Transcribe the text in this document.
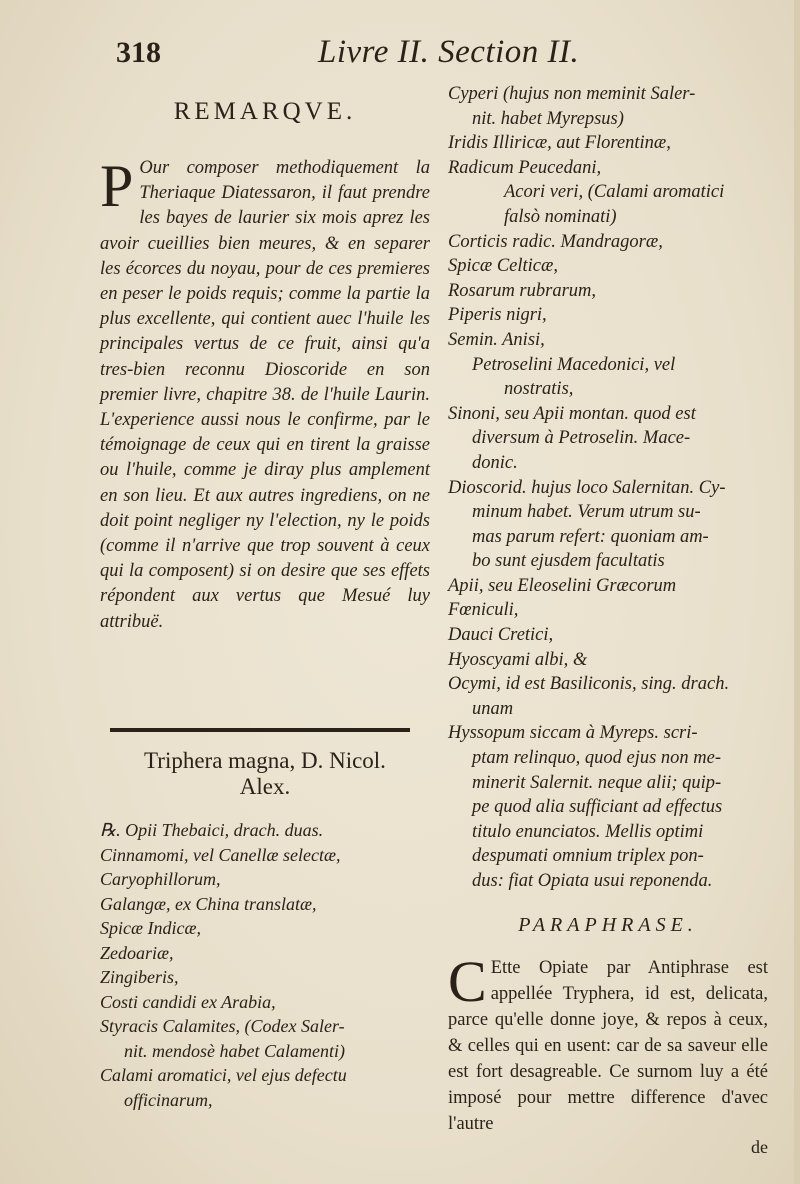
318	Livre II. Section II.
REMARQVE.

P Our composer methodiquement la Theriaque Diatessaron, il faut prendre les bayes de laurier six mois aprez les avoir cueillies bien meures, & en separer les écorces du noyau, pour de ces premieres en peser le poids requis; comme la partie la plus excellente, qui contient auec l'huile les principales vertus de ce fruit, ainsi qu'a tres-bien reconnu Dioscoride en son premier livre, chapitre 38. de l'huile Laurin. L'experience aussi nous le confirme, par le témoignage de ceux qui en tirent la graisse ou l'huile, comme je diray plus amplement en son lieu. Et aux autres ingrediens, on ne doit point negliger ny l'election, ny le poids (comme il n'arrive que trop souvent à ceux qui la composent) si on desire que ses effets répondent aux vertus que Mesué luy attribuë.

Triphera magna, D. Nicol.

Alex.

℞. Opii Thebaici, drach. duas.

Cinnamomi, vel Canellæ selectæ,

Caryophillorum,

Galangæ, ex China translatæ,

Spicæ Indicæ,

Zedoariæ,

Zingiberis,

Costi candidi ex Arabia,

Styracis Calamites, (Codex Saler-

nit. mendosè habet Calamenti)

Calami aromatici, vel ejus defectu

officinarum,

Cyperi (hujus non meminit Saler-

nit. habet Myrepsus)

Iridis Illiricæ, aut Florentinæ,

Radicum Peucedani,

Acori veri, (Calami aromatici

falsò nominati)

Corticis radic. Mandragoræ,

Spicæ Celticæ,

Rosarum rubrarum,

Piperis nigri,

Semin. Anisi,

Petroselini Macedonici, vel

nostratis,

Sinoni, seu Apii montan. quod est

diversum à Petroselin. Mace-

donic.

Dioscorid. hujus loco Salernitan. Cy-

minum habet. Verum utrum su-

mas parum refert: quoniam am-

bo sunt ejusdem facultatis

Apii, seu Eleoselini Græcorum

Fœniculi,

Dauci Cretici,

Hyoscyami albi, &

Ocymi, id est Basiliconis, sing. drach.

unam

Hyssopum siccam à Myreps. scri-

ptam relinquo, quod ejus non me-

minerit Salernit. neque alii; quip-

pe quod alia sufficiant ad effectus

titulo enunciatos. Mellis optimi

despumati omnium triplex pon-

dus: fiat Opiata usui reponenda.

PARAPHRASE.

C Ette Opiate par Antiphrase est appellée Tryphera, id est, delicata, parce qu'elle donne joye, & repos à ceux, & celles qui en usent: car de sa saveur elle est fort desagreable. Ce surnom luy a été imposé pour mettre difference d'avec l'autre

de
